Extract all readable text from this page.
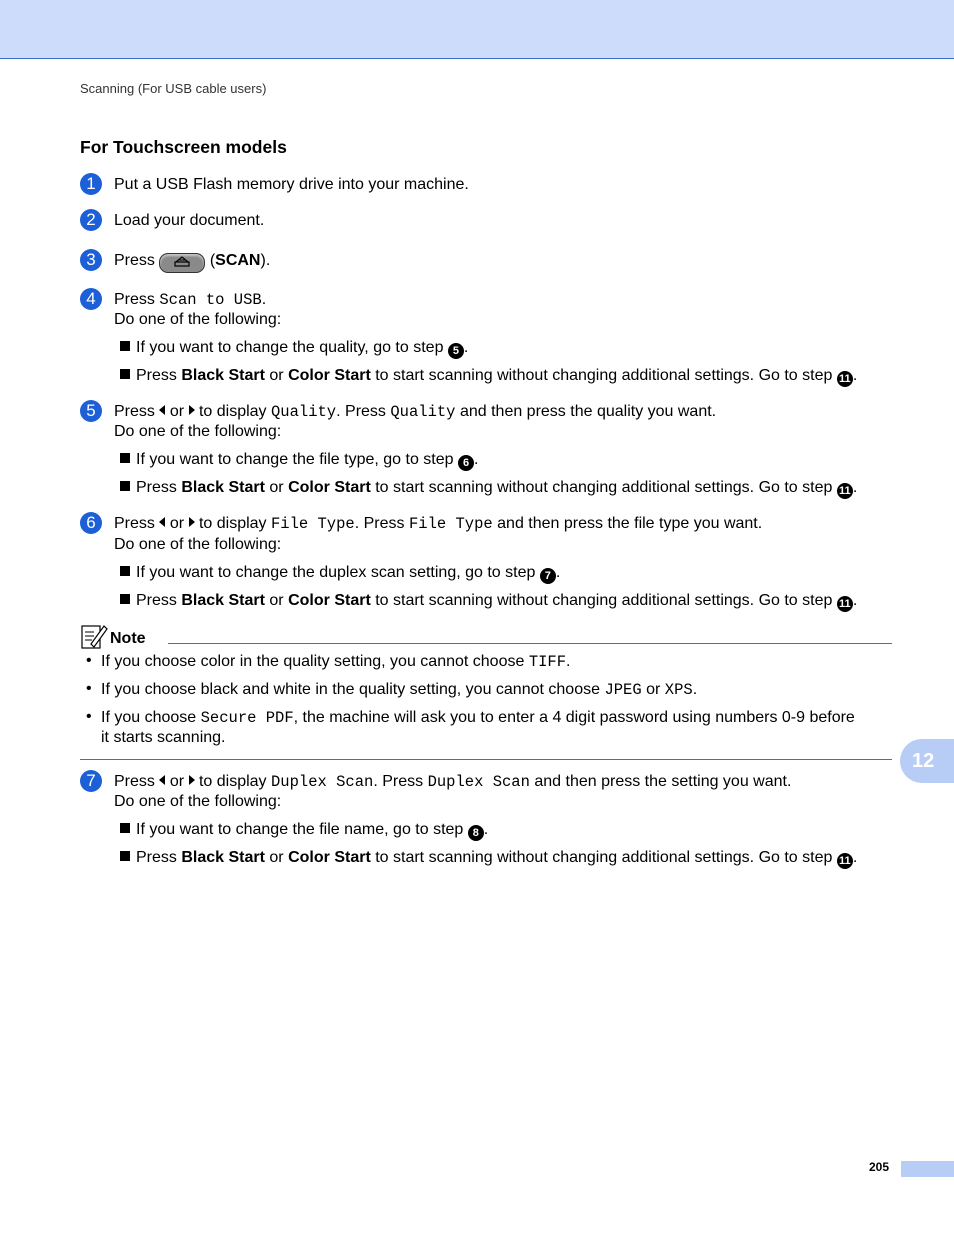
Scanning (For USB cable users)
For Touchscreen models
1	Put a USB Flash memory drive into your machine.
2	Load your document.
3	Press	(SCAN).
4	Press Scan to USB.
Do one of the following:
If you want to change the quality, go to step 5 .
Press Black Start or Color Start to start scanning without changing additional settings. Go to step 11 .
5	Press or to display Quality. Press Quality and then press the quality you want.
Do one of the following:
If you want to change the file type, go to step 6 .
Press Black Start or Color Start to start scanning without changing additional settings. Go to step 11 .
6	Press or to display File Type. Press File Type and then press the file type you want.
Do one of the following:
If you want to change the duplex scan setting, go to step 7 .
Press Black Start or Color Start to start scanning without changing additional settings. Go to step 11 .
Note
• If you choose color in the quality setting, you cannot choose TIFF.
• If you choose black and white in the quality setting, you cannot choose JPEG or XPS.
• If you choose Secure PDF, the machine will ask you to enter a 4 digit password using numbers 0-9 before
it starts scanning.
12
7	Press or to display Duplex Scan. Press Duplex Scan and then press the setting you want.
Do one of the following:
If you want to change the file name, go to step 8 .
Press Black Start or Color Start to start scanning without changing additional settings. Go to step 11 .
205
